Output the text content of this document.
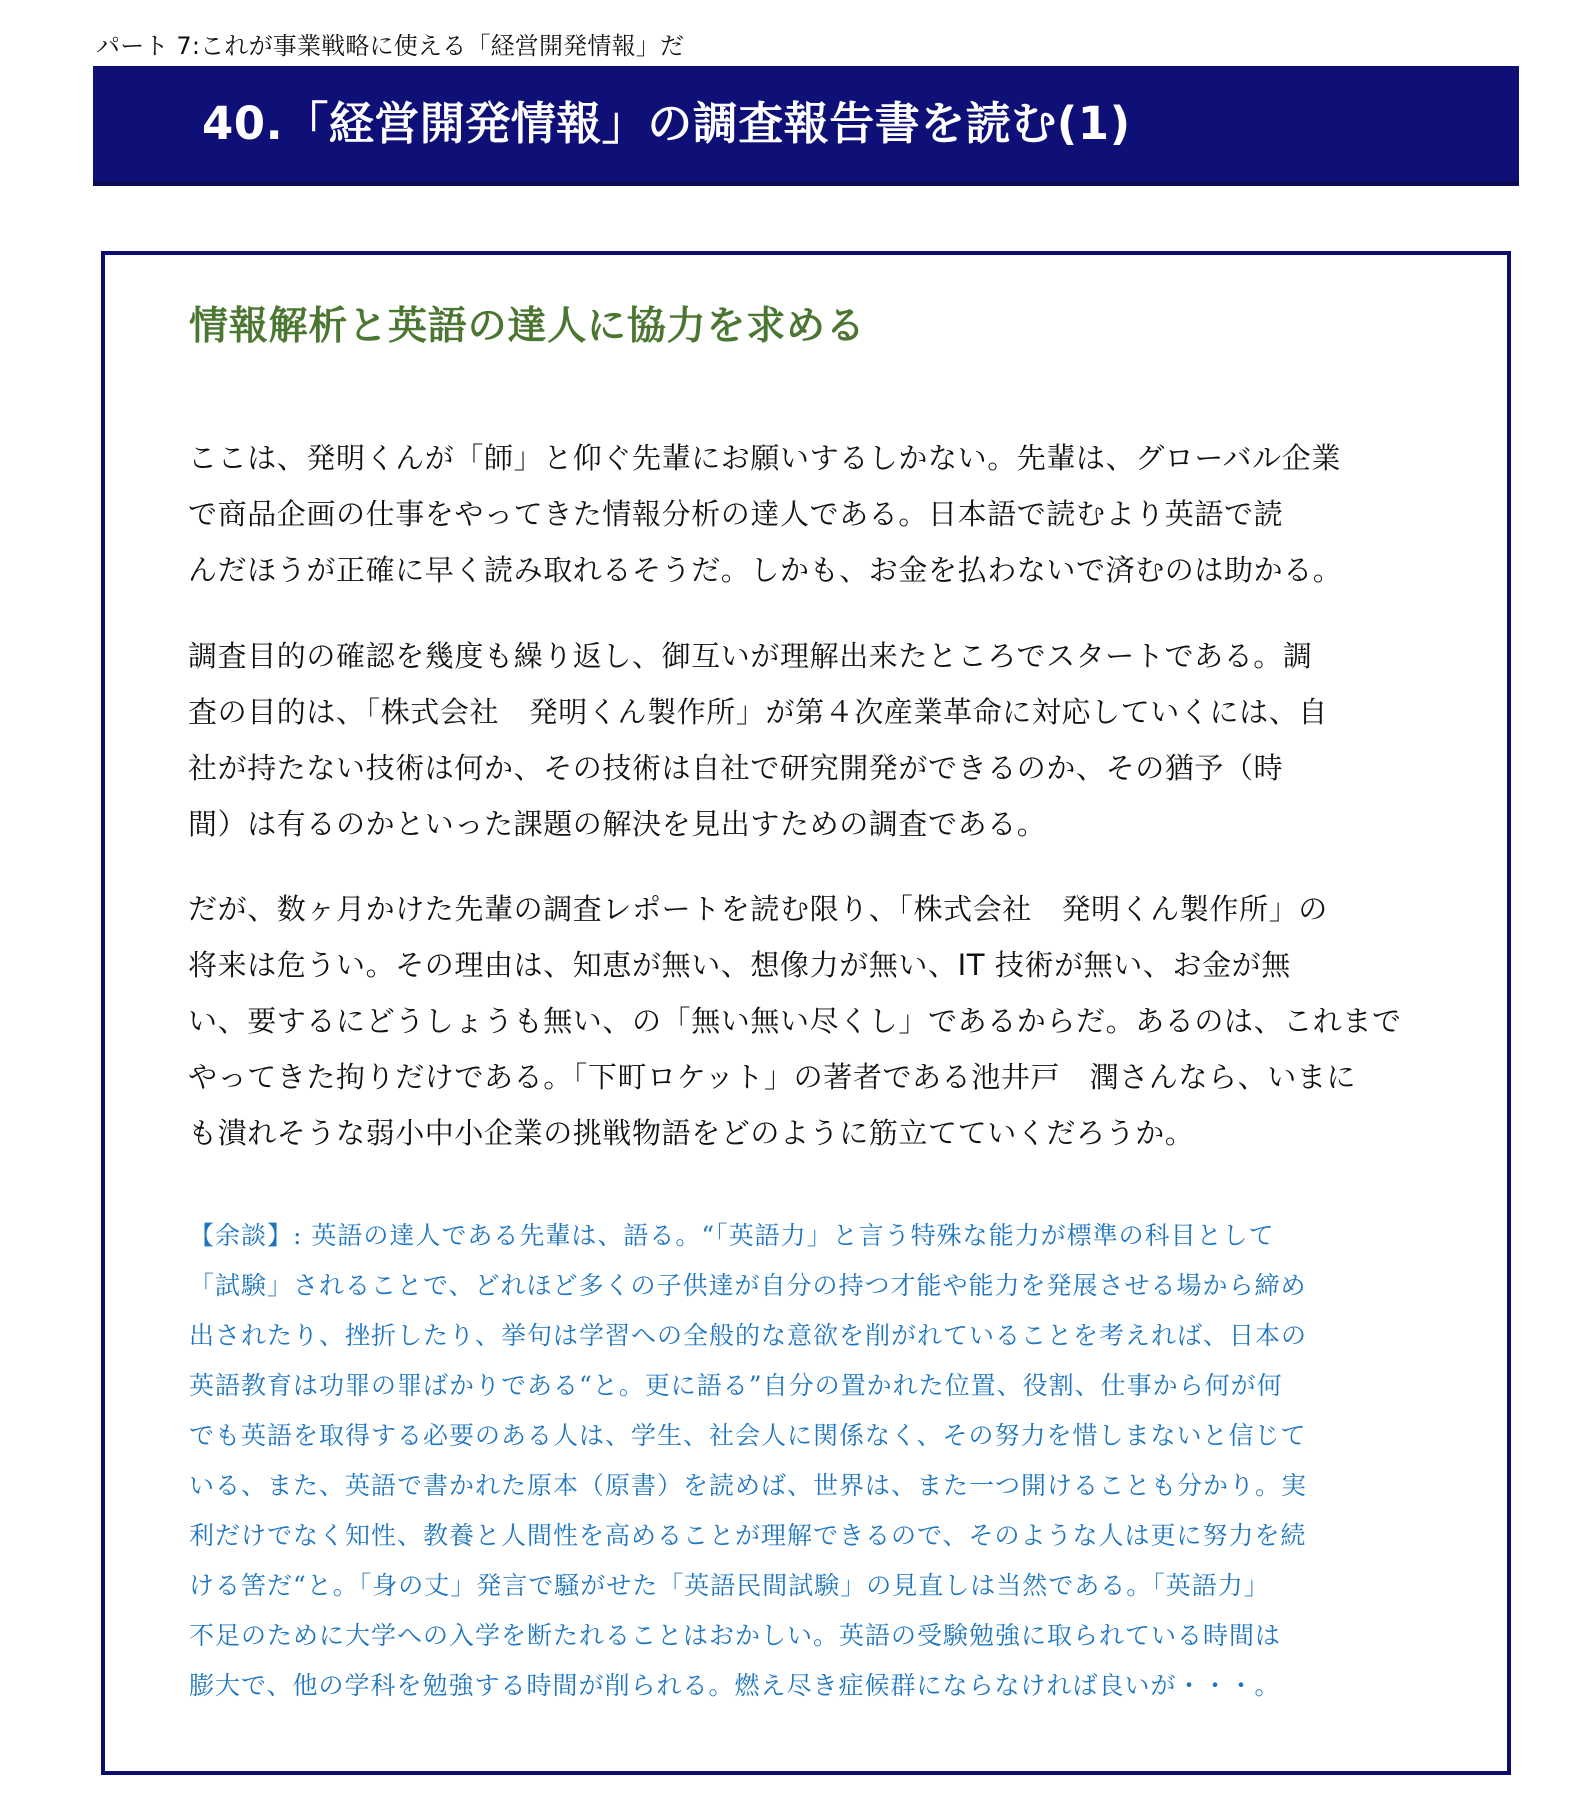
パート 7:これが事業戦略に使える「経営開発情報」だ
40.「経営開発情報」の調査報告書を読む(1)
情報解析と英語の達人に協力を求める
ここは、発明くんが「師」と仰ぐ先輩にお願いするしかない。先輩は、グローバル企業
で商品企画の仕事をやってきた情報分析の達人である。日本語で読むより英語で読
んだほうが正確に早く読み取れるそうだ。しかも、お金を払わないで済むのは助かる。
調査目的の確認を幾度も繰り返し、御互いが理解出来たところでスタートである。調
査の目的は、「株式会社　発明くん製作所」が第４次産業革命に対応していくには、自
社が持たない技術は何か、その技術は自社で研究開発ができるのか、その猶予（時
間）は有るのかといった課題の解決を見出すための調査である。
だが、数ヶ月かけた先輩の調査レポートを読む限り、「株式会社　発明くん製作所」の
将来は危うい。その理由は、知恵が無い、想像力が無い、IT 技術が無い、お金が無
い、要するにどうしょうも無い、の「無い無い尽くし」であるからだ。あるのは、これまで
やってきた拘りだけである。「下町ロケット」の著者である池井戸　潤さんなら、いまに
も潰れそうな弱小中小企業の挑戦物語をどのように筋立てていくだろうか。
【余談】: 英語の達人である先輩は、語る。“「英語力」と言う特殊な能力が標準の科目として
「試験」されることで、どれほど多くの子供達が自分の持つ才能や能力を発展させる場から締め
出されたり、挫折したり、挙句は学習への全般的な意欲を削がれていることを考えれば、日本の
英語教育は功罪の罪ばかりである“と。更に語る”自分の置かれた位置、役割、仕事から何が何
でも英語を取得する必要のある人は、学生、社会人に関係なく、その努力を惜しまないと信じて
いる、また、英語で書かれた原本（原書）を読めば、世界は、また一つ開けることも分かり。実
利だけでなく知性、教養と人間性を高めることが理解できるので、そのような人は更に努力を続
ける筈だ“と。「身の丈」発言で騒がせた「英語民間試験」の見直しは当然である。「英語力」
不足のために大学への入学を断たれることはおかしい。英語の受験勉強に取られている時間は
膨大で、他の学科を勉強する時間が削られる。燃え尽き症候群にならなければ良いが・・・。
